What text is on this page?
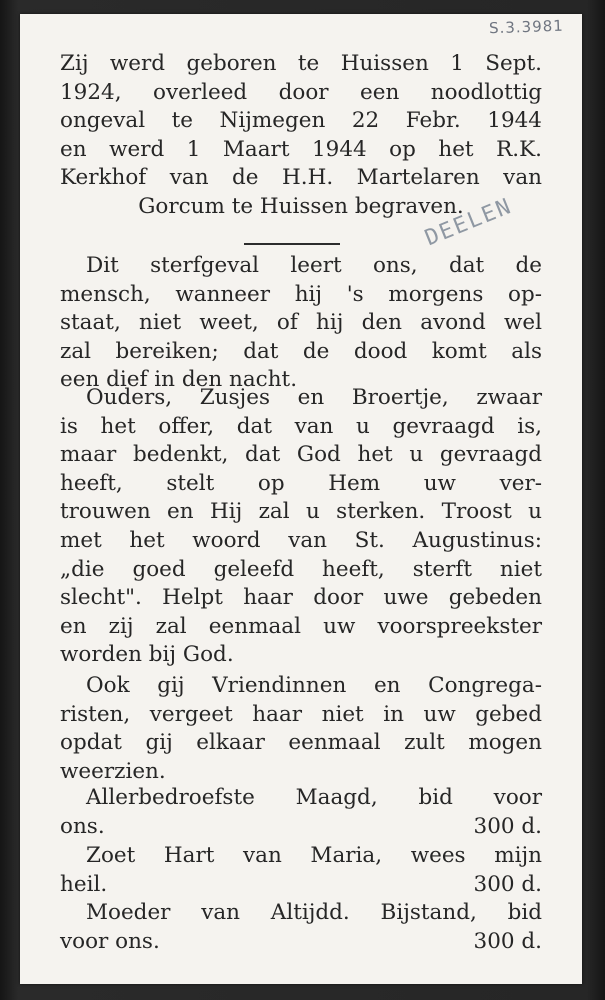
S.3.3981
DEELEN
Zij werd geboren te Huissen 1 Sept.
1924, overleed door een noodlottig
ongeval te Nijmegen 22 Febr. 1944
en werd 1 Maart 1944 op het R.K.
Kerkhof van de H.H. Martelaren van
Gorcum te Huissen begraven.
Dit sterfgeval leert ons, dat de
mensch, wanneer hij 's morgens op-
staat, niet weet, of hij den avond wel
zal bereiken; dat de dood komt als
een dief in den nacht.
Ouders, Zusjes en Broertje, zwaar
is het offer, dat van u gevraagd is,
maar bedenkt, dat God het u gevraagd
heeft, stelt op Hem uw ver-
trouwen en Hij zal u sterken. Troost u
met het woord van St. Augustinus:
„die goed geleefd heeft, sterft niet
slecht". Helpt haar door uwe gebeden
en zij zal eenmaal uw voorspreekster
worden bij God.
Ook gij Vriendinnen en Congrega-
risten, vergeet haar niet in uw gebed
opdat gij elkaar eenmaal zult mogen
weerzien.
Allerbedroefste Maagd, bid voor
ons.	300 d.
Zoet Hart van Maria, wees mijn
heil.	300 d.
Moeder van Altijdd. Bijstand, bid
voor ons.	300 d.
